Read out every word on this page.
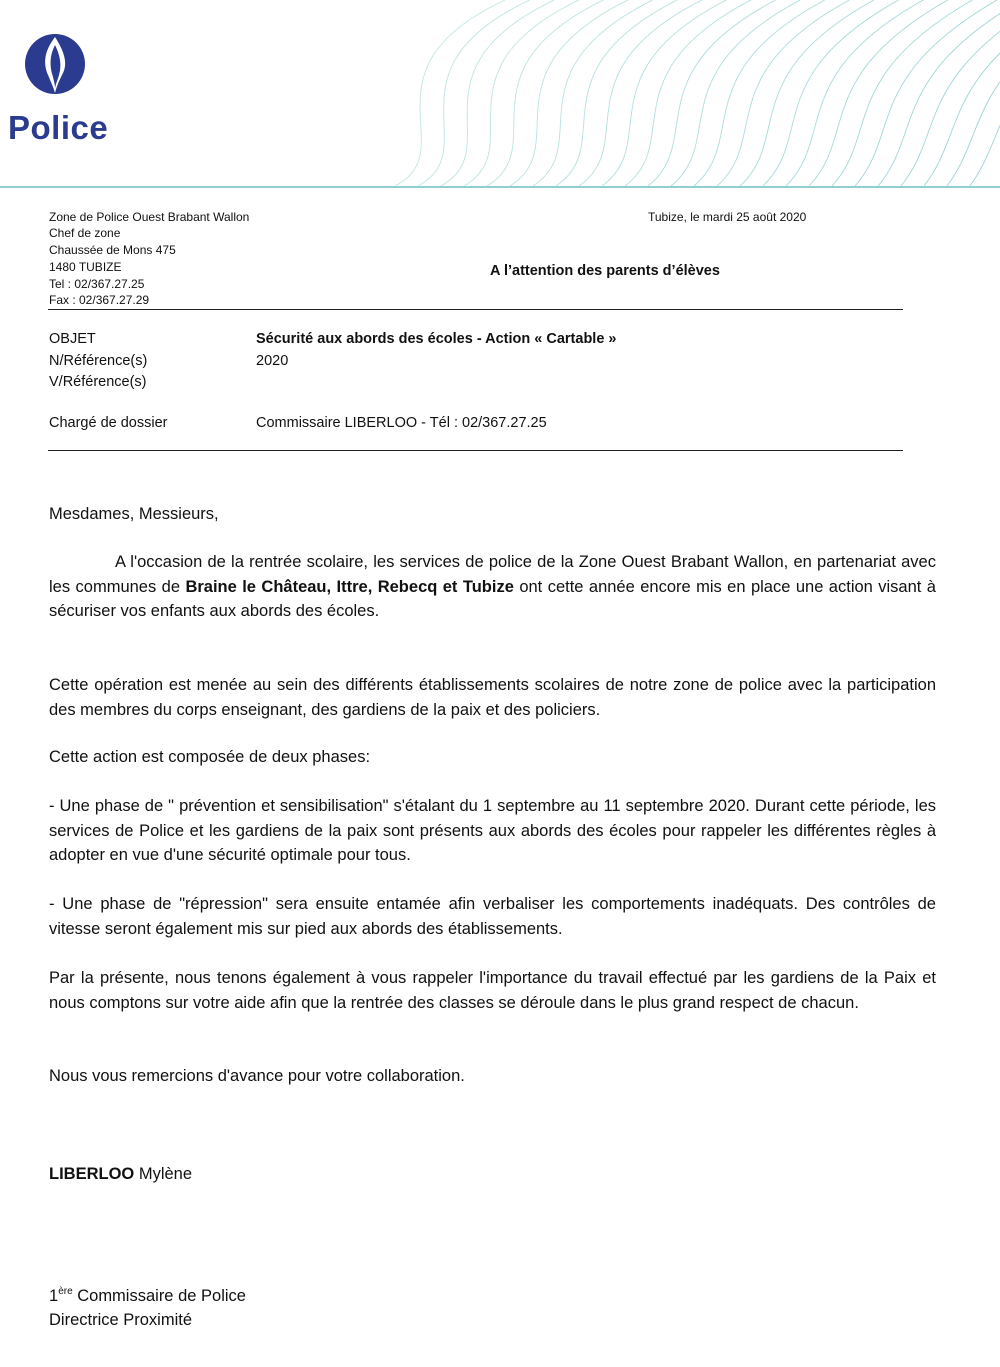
Police
Zone de Police Ouest Brabant Wallon
Chef de zone
Chaussée de Mons 475
1480 TUBIZE
Tel : 02/367.27.25
Fax : 02/367.27.29
Tubize, le mardi 25 août 2020
A l’attention des parents d’élèves
OBJET	Sécurité aux abords des écoles - Action « Cartable »
N/Référence(s)	2020
V/Référence(s)
Chargé de dossier	Commissaire LIBERLOO - Tél : 02/367.27.25
Mesdames, Messieurs,
A l'occasion de la rentrée scolaire, les services de police de la Zone Ouest Brabant Wallon, en partenariat avec les communes de Braine le Château, Ittre, Rebecq et Tubize ont cette année encore mis en place une action visant à sécuriser vos enfants aux abords des écoles.
Cette opération est menée au sein des différents établissements scolaires de notre zone de police avec la participation des membres du corps enseignant, des gardiens de la paix et des policiers.
Cette action est composée de deux phases:
- Une phase de " prévention et sensibilisation" s'étalant du 1 septembre au 11 septembre 2020. Durant cette période, les services de Police et les gardiens de la paix sont présents aux abords des écoles pour rappeler les différentes règles à adopter en vue d'une sécurité optimale pour tous.
- Une phase de "répression" sera ensuite entamée afin verbaliser les comportements inadéquats. Des contrôles de vitesse seront également mis sur pied aux abords des établissements.
Par la présente, nous tenons également à vous rappeler l'importance du travail effectué par les gardiens de la Paix et nous comptons sur votre aide afin que la rentrée des classes se déroule dans le plus grand respect de chacun.
Nous vous remercions d'avance pour votre collaboration.
LIBERLOO Mylène
1ère Commissaire de Police
Directrice Proximité
